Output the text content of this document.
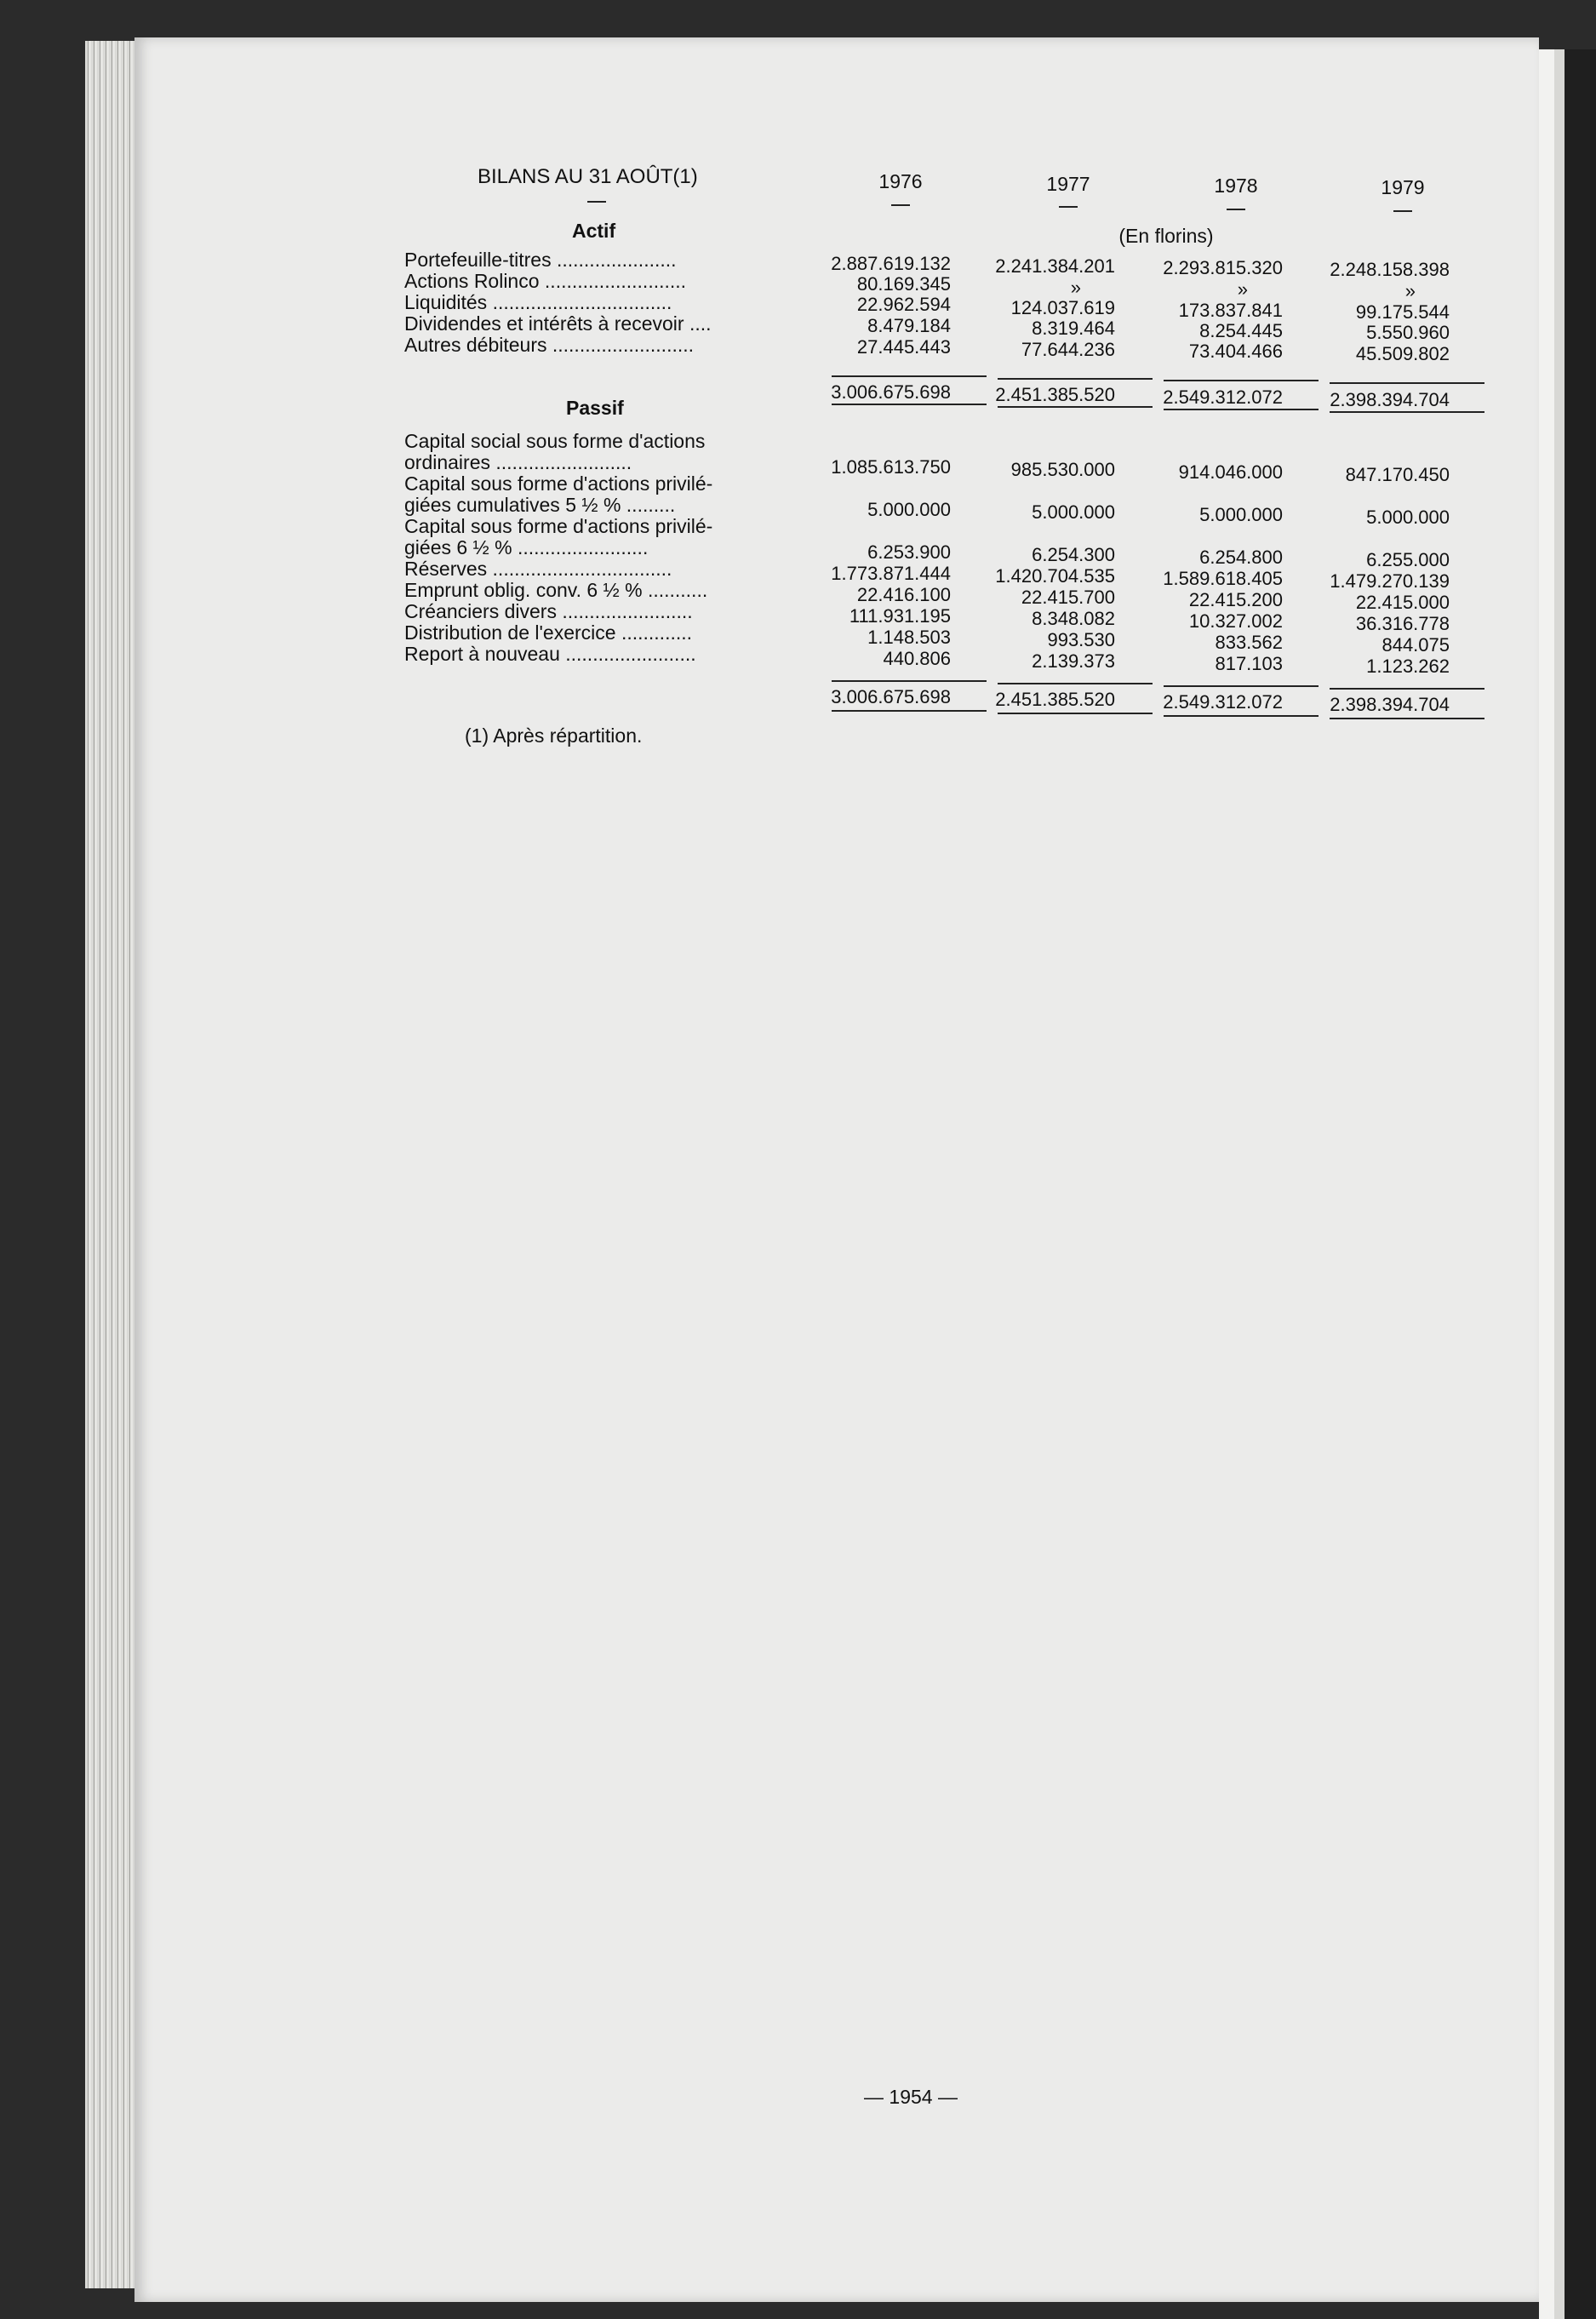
BILANS AU 31 AOÛT(1)	1976	1977	1978	1979
Actif	(En florins)
Portefeuille-titres ......................	2.887.619.132	2.241.384.201	2.293.815.320	2.248.158.398
Actions Rolinco ..........................	80.169.345	»	»	»
Liquidités .................................	22.962.594	124.037.619	173.837.841	99.175.544
Dividendes et intérêts à recevoir ....	8.479.184	8.319.464	8.254.445	5.550.960
Autres débiteurs ..........................	27.445.443	77.644.236	73.404.466	45.509.802
3.006.675.698	2.451.385.520	2.549.312.072	2.398.394.704
Passif
Capital social sous forme d'actions
ordinaires .........................	1.085.613.750	985.530.000	914.046.000	847.170.450
Capital sous forme d'actions privilé-
giées cumulatives 5 ½ % .........	5.000.000	5.000.000	5.000.000	5.000.000
Capital sous forme d'actions privilé-
giées 6 ½ % ........................	6.253.900	6.254.300	6.254.800	6.255.000
Réserves .................................	1.773.871.444	1.420.704.535	1.589.618.405	1.479.270.139
Emprunt oblig. conv. 6 ½ % ...........	22.416.100	22.415.700	22.415.200	22.415.000
Créanciers divers ........................	111.931.195	8.348.082	10.327.002	36.316.778
Distribution de l'exercice .............	1.148.503	993.530	833.562	844.075
Report à nouveau ........................	440.806	2.139.373	817.103	1.123.262
3.006.675.698	2.451.385.520	2.549.312.072	2.398.394.704
(1) Après répartition.
— 1954 —
